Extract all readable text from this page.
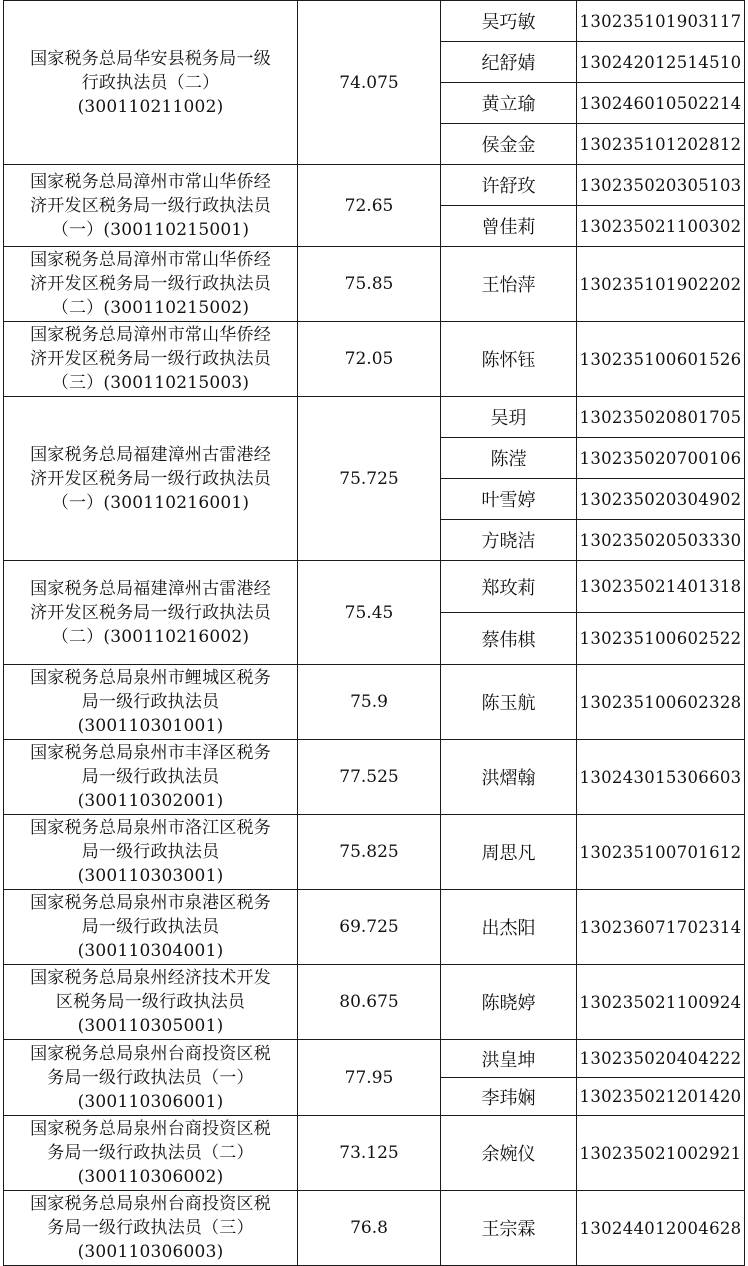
国家税务总局华安县税务局一级
行政执法员（二）
(300110211002)	74.075	吴巧敏	130235101903117
		纪舒婧	130242012514510
		黄立瑜	130246010502214
		侯金金	130235101202812

国家税务总局漳州市常山华侨经
济开发区税务局一级行政执法员
（一）(300110215001)	72.65	许舒玫	130235020305103
		曾佳莉	130235021100302

国家税务总局漳州市常山华侨经
济开发区税务局一级行政执法员
（二）(300110215002)	75.85	王怡萍	130235101902202

国家税务总局漳州市常山华侨经
济开发区税务局一级行政执法员
（三）(300110215003)	72.05	陈怀钰	130235100601526

国家税务总局福建漳州古雷港经
济开发区税务局一级行政执法员
（一）(300110216001)	75.725	吴玥	130235020801705
		陈滢	130235020700106
		叶雪婷	130235020304902
		方晓洁	130235020503330

国家税务总局福建漳州古雷港经
济开发区税务局一级行政执法员
（二）(300110216002)	75.45	郑玫莉	130235021401318
		蔡伟棋	130235100602522

国家税务总局泉州市鲤城区税务
局一级行政执法员
(300110301001)	75.9	陈玉航	130235100602328

国家税务总局泉州市丰泽区税务
局一级行政执法员
(300110302001)	77.525	洪熠翰	130243015306603

国家税务总局泉州市洛江区税务
局一级行政执法员
(300110303001)	75.825	周思凡	130235100701612

国家税务总局泉州市泉港区税务
局一级行政执法员
(300110304001)	69.725	出杰阳	130236071702314

国家税务总局泉州经济技术开发
区税务局一级行政执法员
(300110305001)	80.675	陈晓婷	130235021100924

国家税务总局泉州台商投资区税
务局一级行政执法员（一）
(300110306001)	77.95	洪皇坤	130235020404222
		李玮娴	130235021201420

国家税务总局泉州台商投资区税
务局一级行政执法员（二）
(300110306002)	73.125	余婉仪	130235021002921

国家税务总局泉州台商投资区税
务局一级行政执法员（三）
(300110306003)	76.8	王宗霖	130244012004628
